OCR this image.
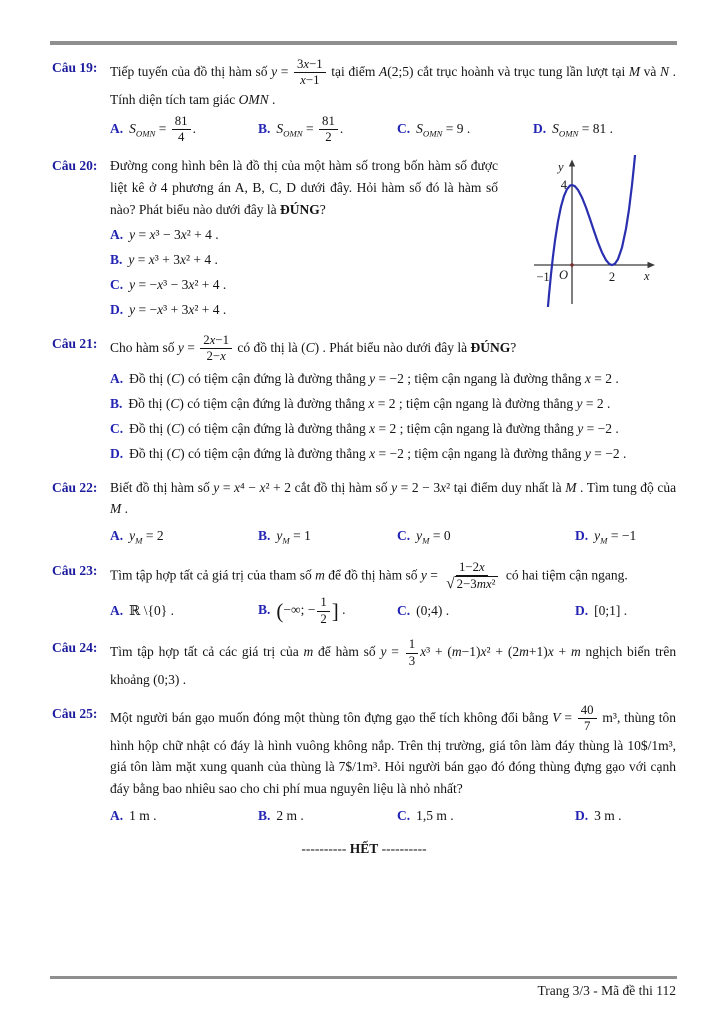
Câu 19: Tiếp tuyến của đồ thị hàm số $y = \frac{3x-1}{x-1}$ tại điểm A(2;5) cắt trục hoành và trục tung lần lượt tại M và N . Tính diện tích tam giác OMN .

A. $S_{OMN} = \frac{81}{4}$ .	B. $S_{OMN} = \frac{81}{2}$ .	C. $S_{OMN} = 9$ .	D. $S_{OMN} = 81$ .
Câu 20:	y
x
O
4
−1	2

Đường cong hình bên là đồ thị của một hàm số trong bốn hàm số được liệt kê ở 4 phương án A, B, C, D dưới đây. Hỏi hàm số đó là hàm số nào? Phát biểu nào dưới đây là ĐÚNG?

A. y = x³ − 3x² + 4 .
B. y = x³ + 3x² + 4 .
C. y = −x³ − 3x² + 4 .
D. y = −x³ + 3x² + 4 .
Câu 21: Cho hàm số $y = \frac{2x-1}{2-x}$ có đồ thị là (C) . Phát biểu nào dưới đây là ĐÚNG?

A. Đồ thị (C) có tiệm cận đứng là đường thẳng y = −2 ; tiệm cận ngang là đường thẳng x = 2 .
B. Đồ thị (C) có tiệm cận đứng là đường thẳng x = 2 ; tiệm cận ngang là đường thẳng y = 2 .
C. Đồ thị (C) có tiệm cận đứng là đường thẳng x = 2 ; tiệm cận ngang là đường thẳng y = −2 .
D. Đồ thị (C) có tiệm cận đứng là đường thẳng x = −2 ; tiệm cận ngang là đường thẳng y = −2 .
Câu 22: Biết đồ thị hàm số y = x⁴ − x² + 2 cắt đồ thị hàm số y = 2 − 3x² tại điểm duy nhất là M . Tìm tung độ của M .

A. $y_M = 2$	B. $y_M = 1$	C. $y_M = 0$	D. $y_M = -1$
Câu 23: Tìm tập hợp tất cả giá trị của tham số m để đồ thị hàm số $y = \frac{1-2x}{\text{√ 2−3mx²}}$ có hai tiệm cận ngang.

A. ℝ \{0} .	B. (−∞; − $\frac{1}{2}$ ] .	C. (0;4) .	D. [0;1] .
Câu 24: Tìm tập hợp tất cả các giá trị của m để hàm số $y = \frac{1}{3} x^3 + (m-1)x^2 + (2m+1)x + m$ nghịch biến trên khoảng (0;3) .

Câu 25: Một người bán gạo muốn đóng một thùng tôn đựng gạo thể tích không đổi bằng $V = \frac{40}{7} m^3$, thùng tôn hình hộp chữ nhật có đáy là hình vuông không nắp. Trên thị trường, giá tôn làm đáy thùng là 10$/1m³, giá tôn làm mặt xung quanh của thùng là 7$/1m³. Hỏi người bán gạo đó đóng thùng đựng gạo với cạnh đáy bằng bao nhiêu sao cho chi phí mua nguyên liệu là nhỏ nhất?

A. 1 m .	B. 2 m .	C. 1,5 m .	D. 3 m .
---------- HẾT ----------
Trang 3/3 - Mã đề thi 112
